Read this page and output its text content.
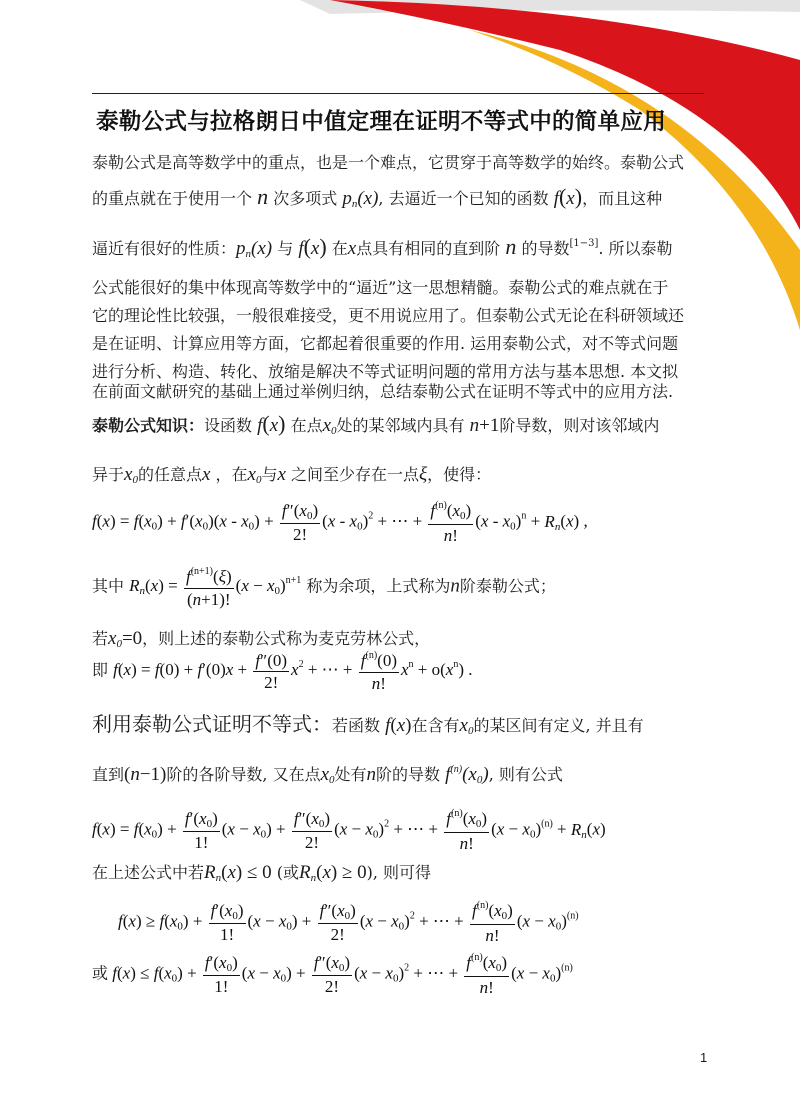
泰勒公式与拉格朗日中值定理在证明不等式中的简单应用
泰勒公式是高等数学中的重点，也是一个难点，它贯穿于高等数学的始终。泰勒公式
的重点就在于使用一个 n 次多项式 $p_n(x)$, 去逼近一个已知的函数 f(x)，而且这种
逼近有很好的性质：$p_n(x)$ 与 f(x) 在x点具有相同的直到阶 n 的导数[1−3]. 所以泰勒
公式能很好的集中体现高等数学中的“逼近”这一思想精髓。泰勒公式的难点就在于
它的理论性比较强，一般很难接受，更不用说应用了。但泰勒公式无论在科研领域还
是在证明、计算应用等方面，它都起着很重要的作用. 运用泰勒公式，对不等式问题
进行分析、构造、转化、放缩是解决不等式证明问题的常用方法与基本思想. 本文拟
在前面文献研究的基础上通过举例归纳，总结泰勒公式在证明不等式中的应用方法.
泰勒公式知识：设函数 f(x) 在点$x_0$处的某邻域内具有 n+1阶导数，则对该邻域内
异于$x_0$的任意点x ，在$x_0$与x 之间至少存在一点ξ，使得：
$f(x) = f(x_0) + f'(x_0)(x - x_0) + \frac{f''(x_0)}{2!} (x - x_0)^2$ + ⋯ + $\frac{f^{(n)}(x_0)}{n!} (x - x_0)^n + R_n(x)$ ,
其中 $R_n(x) = \frac{f^{(n+1)}(\xi)}{(n+1)!} (x - x_0)^{n+1}$ 称为余项，上式称为n阶泰勒公式；
若$x_0=0$，则上述的泰勒公式称为麦克劳林公式，
即 $f(x) = f(0) + f'(0)x + \frac{f''(0)}{2!} x^2$ + ⋯ + $\frac{f^{(n)}(0)}{n!} x^n + o(x^n)$ .
利用泰勒公式证明不等式：若函数 f(x)在含有$x_0$的某区间有定义, 并且有
直到(n−1)阶的各阶导数, 又在点$x_0$处有n阶的导数 $f^{(n)}(x_0)$, 则有公式
$f(x) = f(x_0) + \frac{f'(x_0)}{1!} (x - x_0) + \frac{f''(x_0)}{2!} (x - x_0)^2$ + ⋯ + $\frac{f^{(n)}(x_0)}{n!} (x - x_0)^{(n)} + R_n(x)$
在上述公式中若$R_n(x) \le 0$ (或$R_n(x) \ge 0$), 则可得
$f(x) \ge f(x_0) + \frac{f'(x_0)}{1!} (x - x_0) + \frac{f''(x_0)}{2!} (x - x_0)^2$ + ⋯ + $\frac{f^{(n)}(x_0)}{n!} (x - x_0)^{(n)}$
或 $f(x) \le f(x_0) + \frac{f'(x_0)}{1!} (x - x_0) + \frac{f''(x_0)}{2!} (x - x_0)^2$ + ⋯ + $\frac{f^{(n)}(x_0)}{n!} (x - x_0)^{(n)}$
1
